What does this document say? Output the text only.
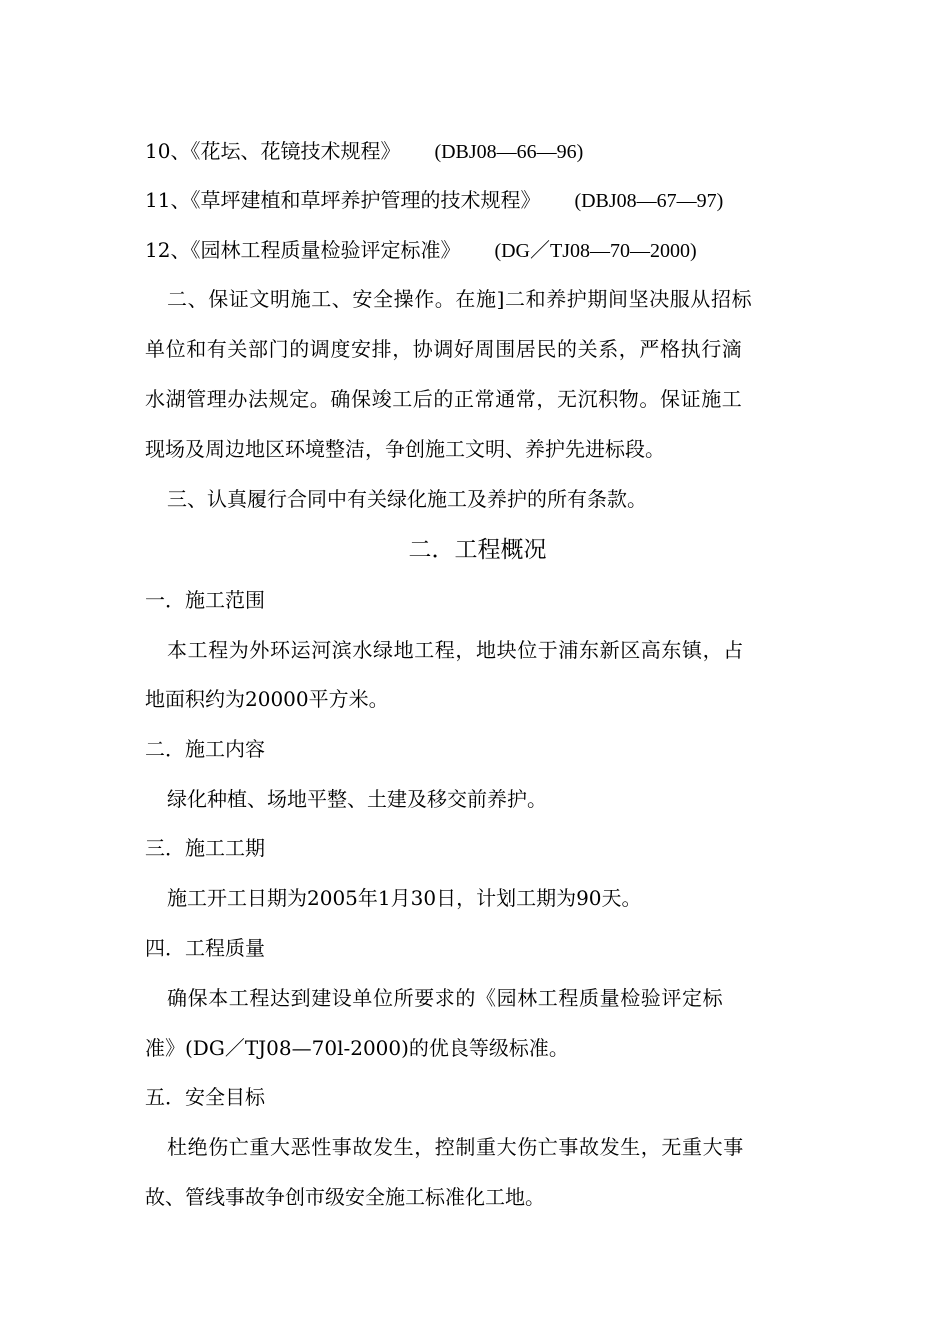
10、《花坛、花镜技术规程》 (DBJ08—66—96)
11、《草坪建植和草坪养护管理的技术规程》 (DBJ08—67—97)
12、《园林工程质量检验评定标准》 (DG／TJ08—70—2000)
二、保证文明施工、安全操作。在施]二和养护期间坚决服从招标
单位和有关部门的调度安排，协调好周围居民的关系，严格执行滴
水湖管理办法规定。确保竣工后的正常通常，无沉积物。保证施工
现场及周边地区环境整洁，争创施工文明、养护先进标段。
三、认真履行合同中有关绿化施工及养护的所有条款。
二．工程概况
一．施工范围
本工程为外环运河滨水绿地工程，地块位于浦东新区高东镇，占
地面积约为20000平方米。
二．施工内容
绿化种植、场地平整、土建及移交前养护。
三．施工工期
施工开工日期为2005年1月30日，计划工期为90天。
四．工程质量
确保本工程达到建设单位所要求的《园林工程质量检验评定标
准》(DG／TJ08—70l-2000)的优良等级标准。
五．安全目标
杜绝伤亡重大恶性事故发生，控制重大伤亡事故发生，无重大事
故、管线事故争创市级安全施工标准化工地。
